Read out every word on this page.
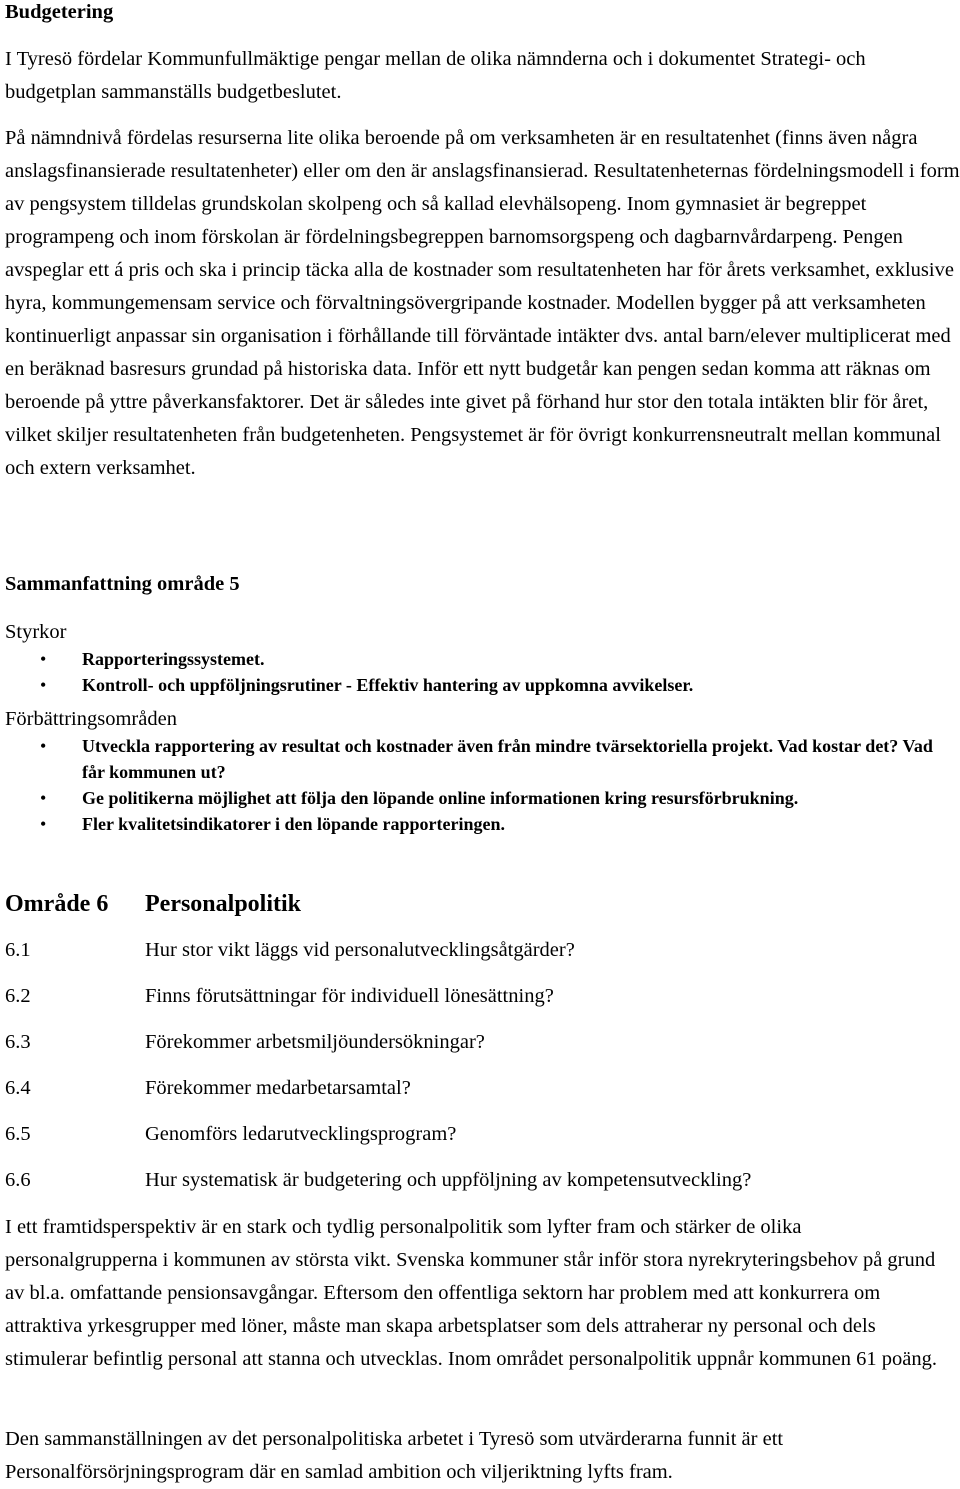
Budgetering

I Tyresö fördelar Kommunfullmäktige pengar mellan de olika nämnderna och i dokumentet Strategi- och budgetplan sammanställs budgetbeslutet.

På nämndnivå fördelas resurserna lite olika beroende på om verksamheten är en resultatenhet (finns även några anslagsfinansierade resultatenheter) eller om den är anslagsfinansierad. Resultatenheternas fördelningsmodell i form av pengsystem tilldelas grundskolan skolpeng och så kallad elevhälsopeng. Inom gymnasiet är begreppet programpeng och inom förskolan är fördelningsbegreppen barnomsorgspeng och dagbarnvårdarpeng. Pengen avspeglar ett á pris och ska i princip täcka alla de kostnader som resultatenheten har för årets verksamhet, exklusive hyra, kommungemensam service och förvaltningsövergripande kostnader. Modellen bygger på att verksamheten kontinuerligt anpassar sin organisation i förhållande till förväntade intäkter dvs. antal barn/elever multiplicerat med en beräknad basresurs grundad på historiska data. Inför ett nytt budgetår kan pengen sedan komma att räknas om beroende på yttre påverkansfaktorer. Det är således inte givet på förhand hur stor den totala intäkten blir för året, vilket skiljer resultatenheten från budgetenheten. Pengsystemet är för övrigt konkurrensneutralt mellan kommunal och extern verksamhet.

Sammanfattning område 5

Styrkor

• Rapporteringssystemet.
• Kontroll- och uppföljningsrutiner - Effektiv hantering av uppkomna avvikelser.

Förbättringsområden

• Utveckla rapportering av resultat och kostnader även från mindre tvärsektoriella projekt. Vad kostar det? Vad får kommunen ut?
• Ge politikerna möjlighet att följa den löpande online informationen kring resursförbrukning.
• Fler kvalitetsindikatorer i den löpande rapporteringen.

Område 6 Personalpolitik

6.1	Hur stor vikt läggs vid personalutvecklingsåtgärder?

6.2	Finns förutsättningar för individuell lönesättning?

6.3	Förekommer arbetsmiljöundersökningar?

6.4	Förekommer medarbetarsamtal?

6.5	Genomförs ledarutvecklingsprogram?

6.6	Hur systematisk är budgetering och uppföljning av kompetensutveckling?

I ett framtidsperspektiv är en stark och tydlig personalpolitik som lyfter fram och stärker de olika personalgrupperna i kommunen av största vikt. Svenska kommuner står inför stora nyrekryteringsbehov på grund av bl.a. omfattande pensionsavgångar. Eftersom den offentliga sektorn har problem med att konkurrera om attraktiva yrkesgrupper med löner, måste man skapa arbetsplatser som dels attraherar ny personal och dels stimulerar befintlig personal att stanna och utvecklas. Inom området personalpolitik uppnår kommunen 61 poäng.

Den sammanställningen av det personalpolitiska arbetet i Tyresö som utvärderarna funnit är ett Personalförsörjningsprogram där en samlad ambition och viljeriktning lyfts fram.
